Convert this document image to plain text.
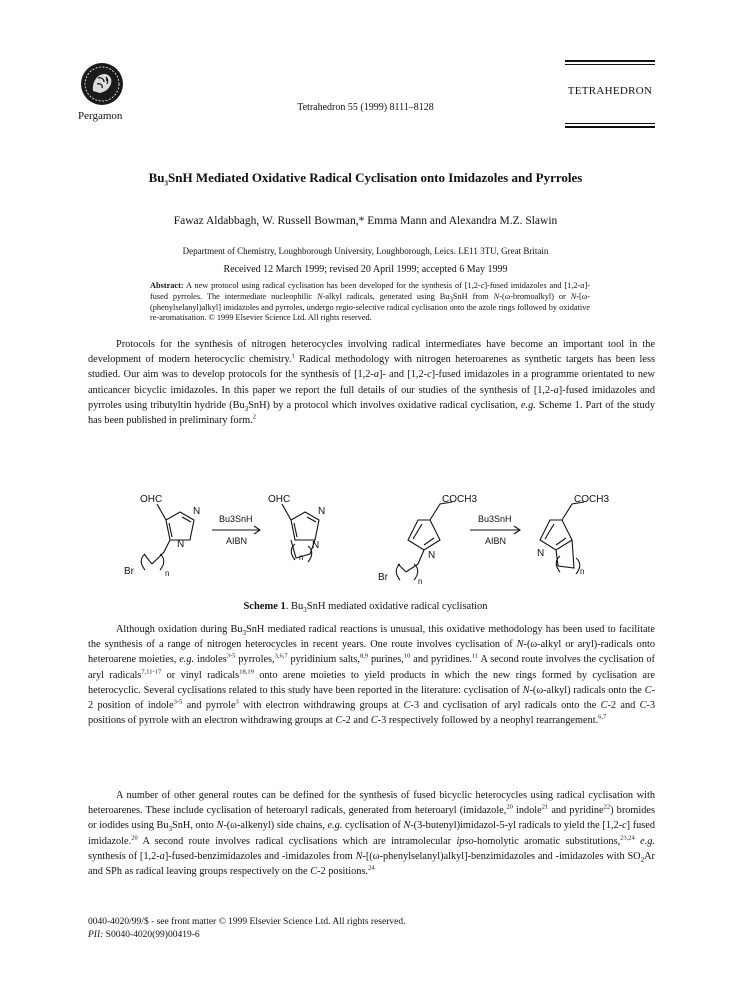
Pergamon
Tetrahedron 55 (1999) 8111–8128
TETRAHEDRON
$Bu_3SnH$ Mediated Oxidative Radical Cyclisation onto Imidazoles and Pyrroles
Fawaz Aldabbagh, W. Russell Bowman,* Emma Mann and Alexandra M.Z. Slawin
Department of Chemistry, Loughborough University, Loughborough, Leics. LE11 3TU, Great Britain
Received 12 March 1999; revised 20 April 1999; accepted 6 May 1999
Abstract: A new protocol using radical cyclisation has been developed for the synthesis of [1,2-c]-fused imidazoles and [1,2-a]-fused pyrroles. The intermediate nucleophilic N-alkyl radicals, generated using $Bu_3SnH$ from N-(ω-bromoalkyl) or N-[ω-(phenylselanyl)alkyl] imidazoles and pyrroles, undergo regio-selective radical cyclisation onto the azole rings followed by oxidative re-aromatisation. © 1999 Elsevier Science Ltd. All rights reserved.
Protocols for the synthesis of nitrogen heterocycles involving radical intermediates have become an important tool in the development of modern heterocyclic chemistry.$^1$ Radical methodology with nitrogen heteroarenes as synthetic targets has been less studied. Our aim was to develop protocols for the synthesis of [1,2-a]- and [1,2-c]-fused imidazoles in a programme orientated to new anticancer bicyclic imidazoles. In this paper we report the full details of our studies of the synthesis of [1,2-a]-fused imidazoles and pyrroles using tributyltin hydride $(Bu_3SnH)$ by a protocol which involves oxidative radical cyclisation, e.g. Scheme 1. Part of the study has been published in preliminary form.$^2$
OHC
N
N
Br	n
Bu3SnH
AIBN
OHC
N
N
n
COCH3
N
Br	n
Bu3SnH
AIBN
COCH3
N
n
Scheme 1. $Bu_3SnH$ mediated oxidative radical cyclisation
Although oxidation during $Bu_3SnH$ mediated radical reactions is unusual, this oxidative methodology has been used to facilitate the synthesis of a range of nitrogen heterocycles in recent years. One route involves cyclisation of N-(ω-alkyl or aryl)-radicals onto heteroarene moieties, e.g. indoles$^{3-5}$ pyrroles,$^{3,6,7}$ pyridinium salts,$^{8,9}$ purines,$^{10}$ and pyridines.$^{11}$ A second route involves the cyclisation of aryl radicals$^{7,11-17}$ or vinyl radicals$^{18,19}$ onto arene moieties to yield products in which the new rings formed by cyclisation are heterocyclic. Several cyclisations related to this study have been reported in the literature: cyclisation of N-(ω-alkyl) radicals onto the C-2 position of indole$^{3-5}$ and pyrrole$^3$ with electron withdrawing groups at C-3 and cyclisation of aryl radicals onto the C-2 and C-3 positions of pyrrole with an electron withdrawing groups at C-2 and C-3 respectively followed by a neophyl rearrangement.$^{6,7}$
A number of other general routes can be defined for the synthesis of fused bicyclic heterocycles using radical cyclisation with heteroarenes. These include cyclisation of heteroaryl radicals, generated from heteroaryl (imidazole,$^{20}$ indole$^{21}$ and pyridine$^{22}$) bromides or iodides using $Bu_3SnH$, onto N-(ω-alkenyl) side chains, e.g. cyclisation of N-(3-butenyl)imidazol-5-yl radicals to yield the [1,2-c] fused imidazole.$^{20}$ A second route involves radical cyclisations which are intramolecular ipso-homolytic aromatic substitutions,$^{23,24}$ e.g. synthesis of [1,2-a]-fused-benzimidazoles and -imidazoles from N-[(ω-phenylselanyl)alkyl]-benzimidazoles and -imidazoles with $SO_2Ar$ and SPh as radical leaving groups respectively on the C-2 positions.$^{24}$
0040-4020/99/$ - see front matter © 1999 Elsevier Science Ltd. All rights reserved.
PII: S0040-4020(99)00419-6
